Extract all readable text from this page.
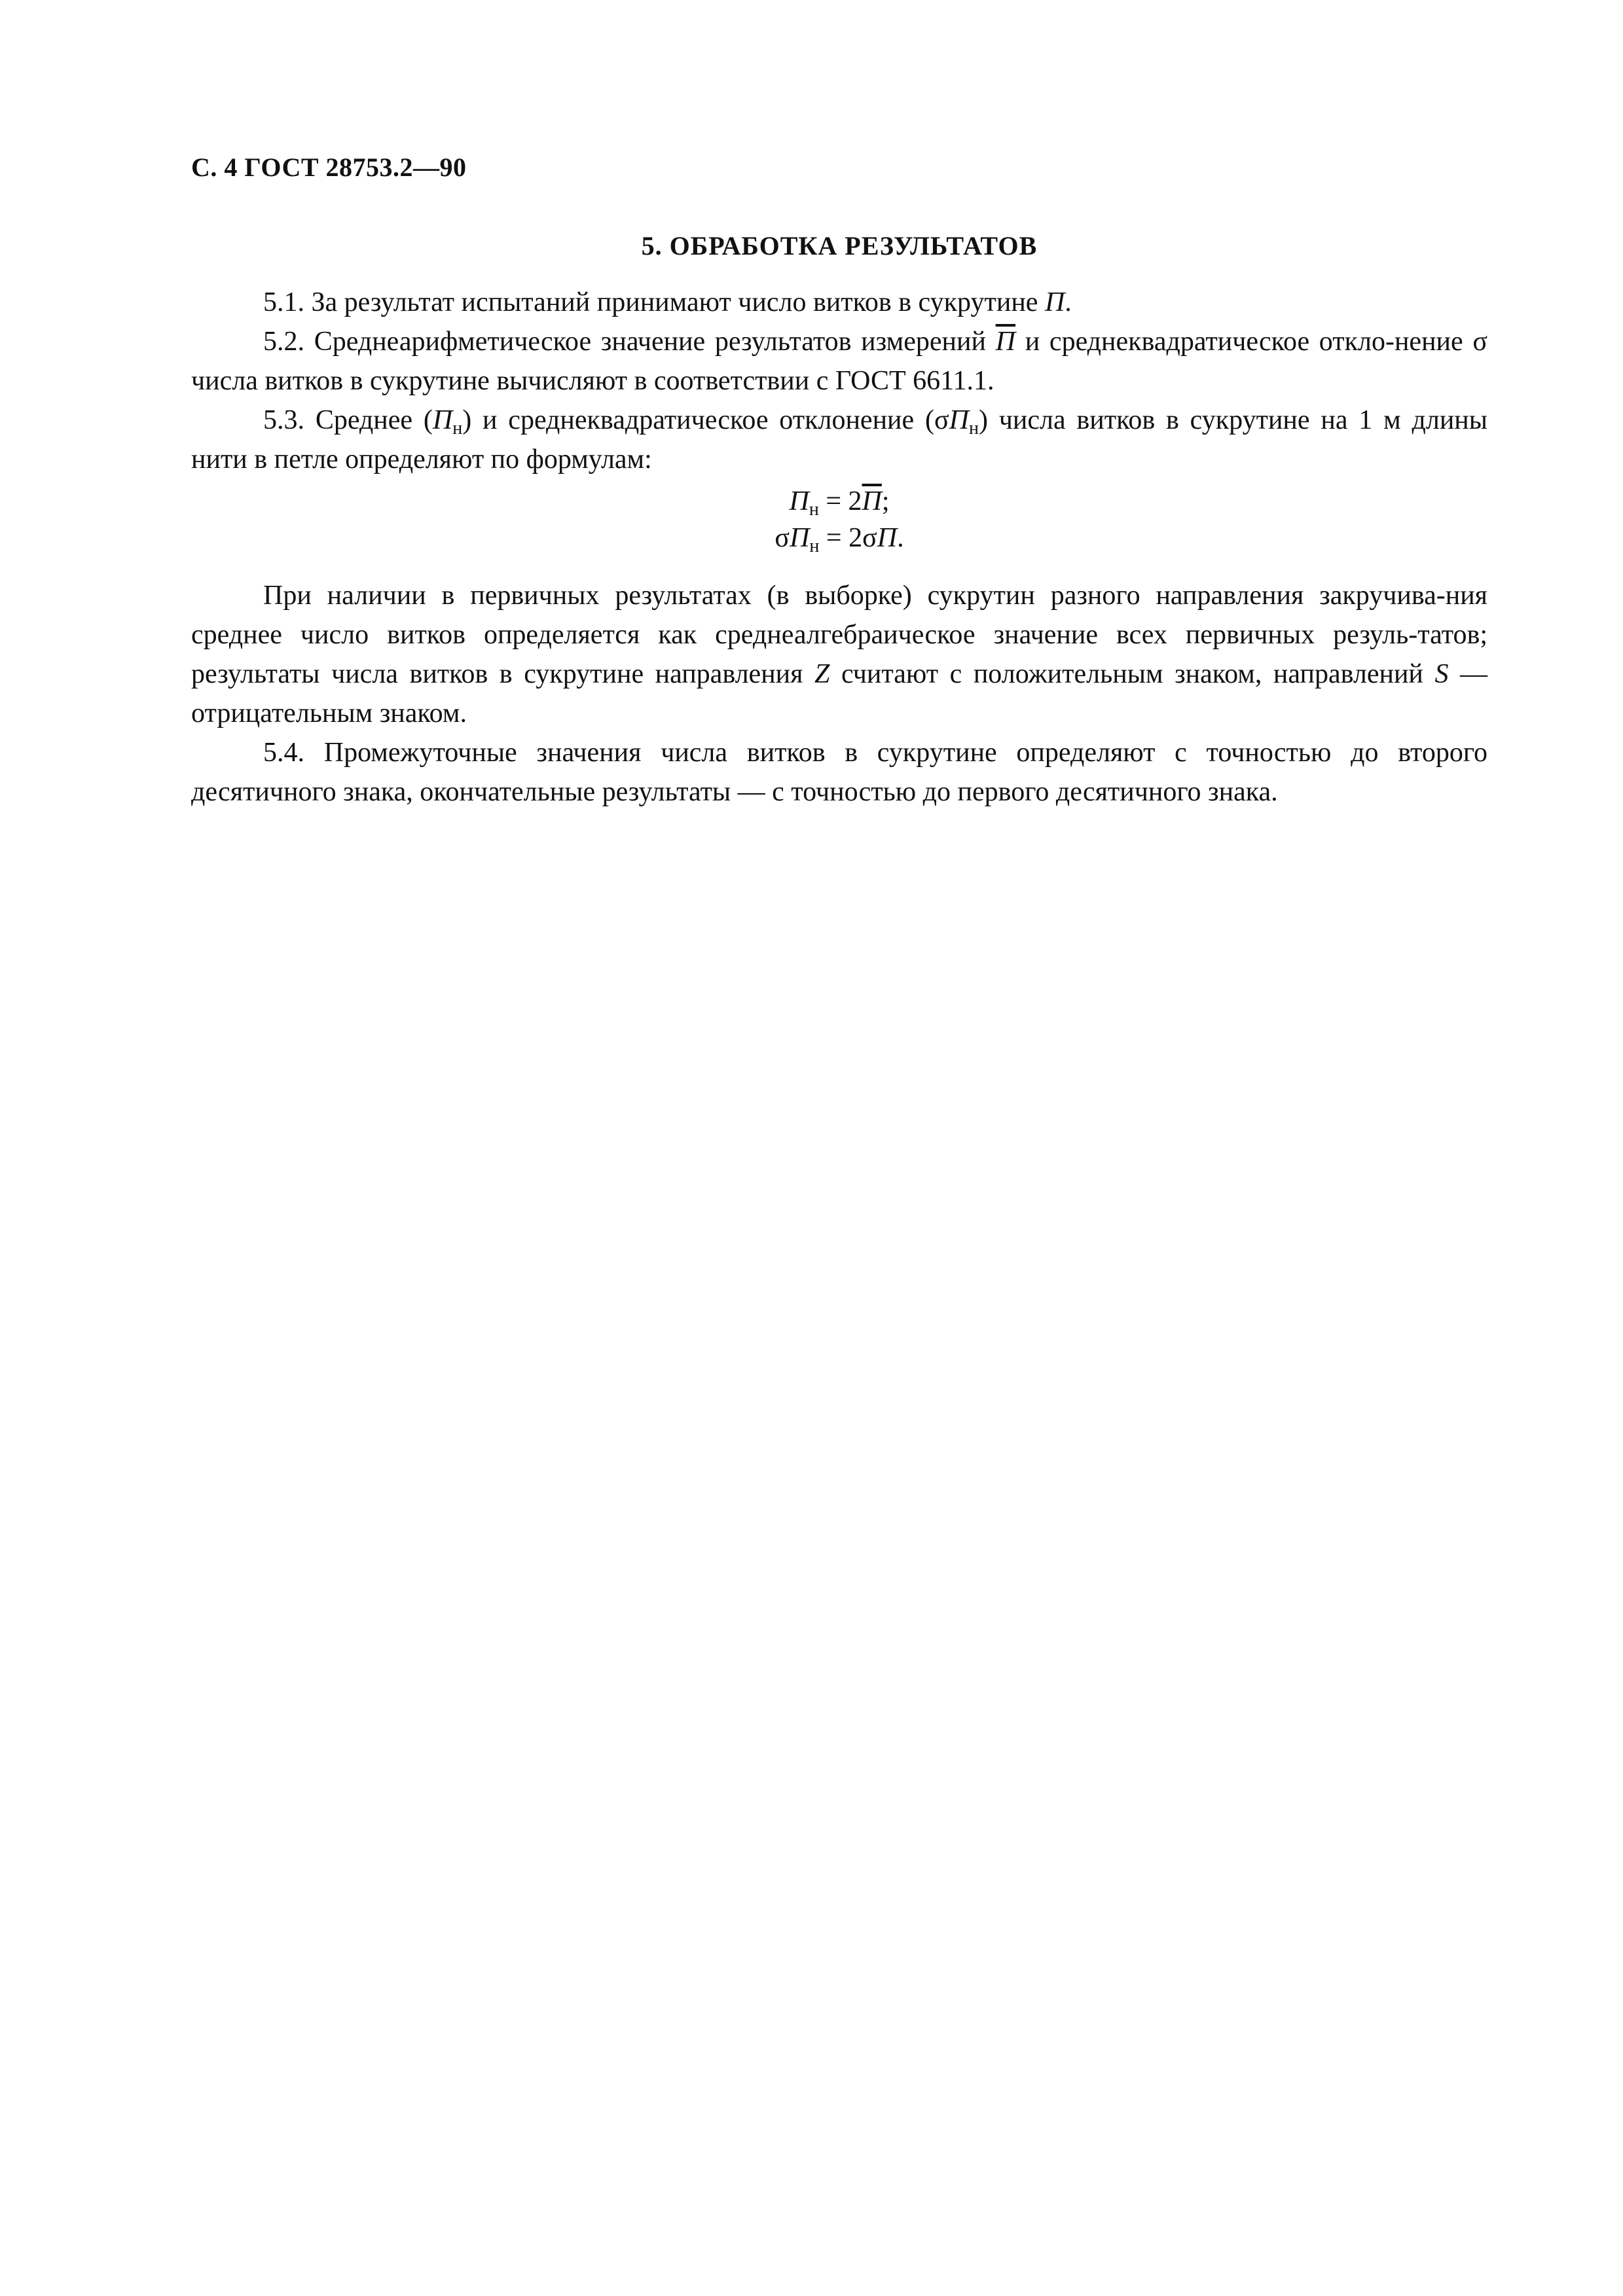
С. 4 ГОСТ 28753.2—90
5. ОБРАБОТКА РЕЗУЛЬТАТОВ

5.1. За результат испытаний принимают число витков в сукрутине П.

5.2. Среднеарифметическое значение результатов измерений П и среднеквадратическое откло-нение σ числа витков в сукрутине вычисляют в соответствии с ГОСТ 6611.1.

5.3. Среднее $(П_н)$ и среднеквадратическое отклонение $(\sigma П_н)$ числа витков в сукрутине на 1 м длины нити в петле определяют по формулам:

$П_н = 2П$;

$\sigma П_н = 2\sigma П$.

При наличии в первичных результатах (в выборке) сукрутин разного направления закручива-ния среднее число витков определяется как среднеалгебраическое значение всех первичных резуль-татов; результаты числа витков в сукрутине направления Z считают с положительным знаком, направлений S — отрицательным знаком.

5.4. Промежуточные значения числа витков в сукрутине определяют с точностью до второго десятичного знака, окончательные результаты — с точностью до первого десятичного знака.
